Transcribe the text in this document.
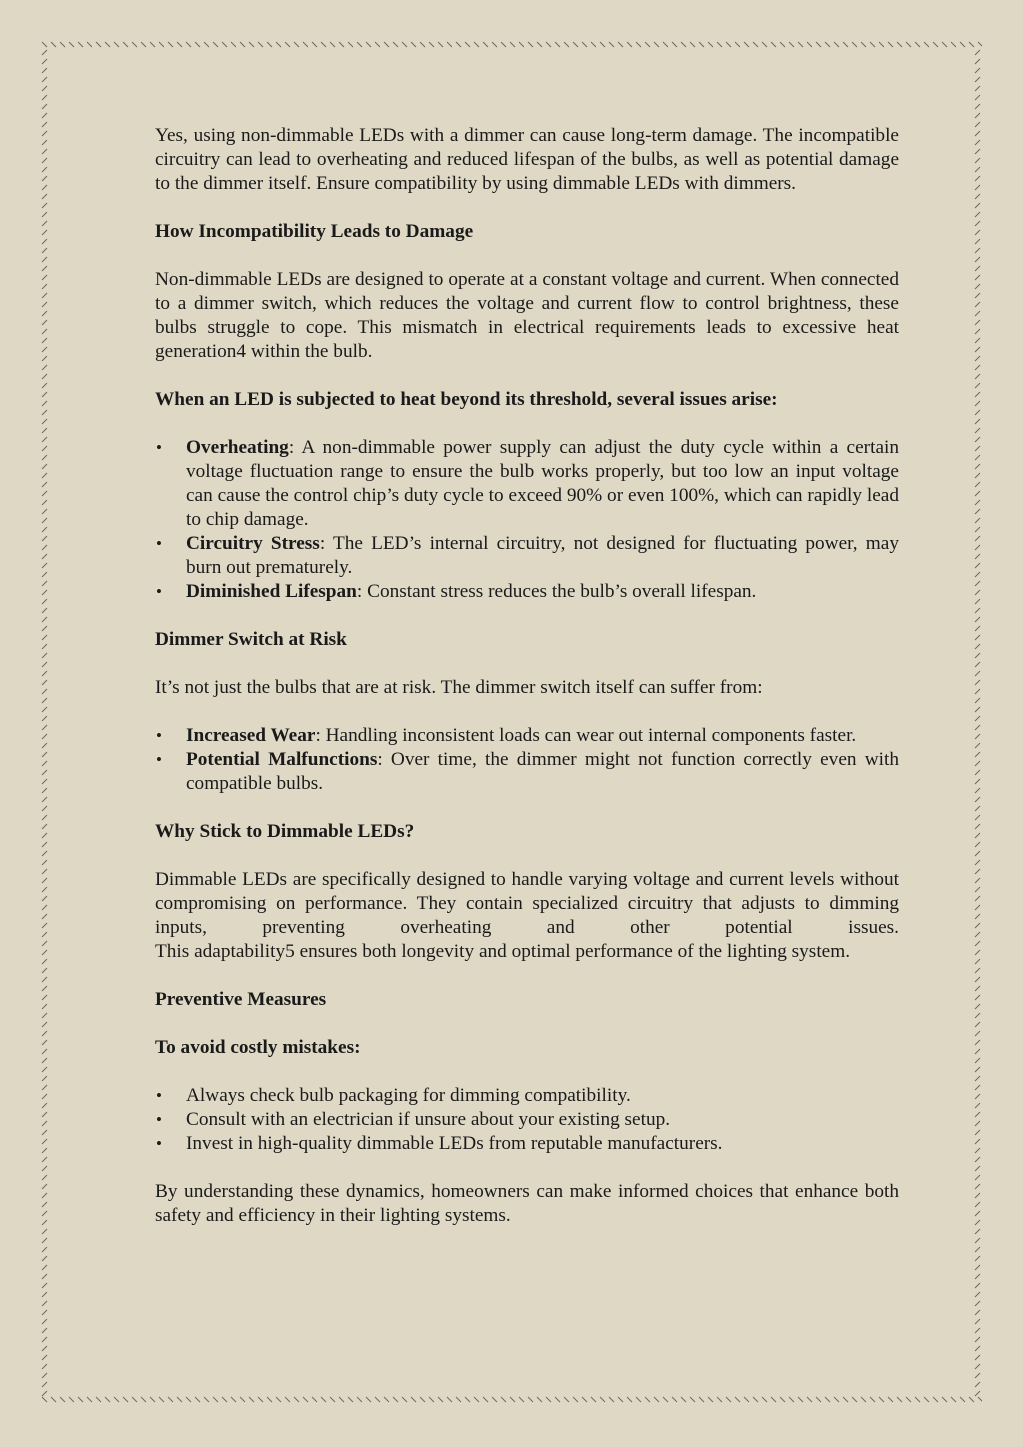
Yes, using non-dimmable LEDs with a dimmer can cause long-term damage. The incompatible circuitry can lead to overheating and reduced lifespan of the bulbs, as well as potential damage to the dimmer itself. Ensure compatibility by using dimmable LEDs with dimmers.

How Incompatibility Leads to Damage

Non-dimmable LEDs are designed to operate at a constant voltage and current. When connected to a dimmer switch, which reduces the voltage and current flow to control brightness, these bulbs struggle to cope. This mismatch in electrical requirements leads to excessive heat generation4 within the bulb.

When an LED is subjected to heat beyond its threshold, several issues arise:
• Overheating: A non-dimmable power supply can adjust the duty cycle within a certain voltage fluctuation range to ensure the bulb works properly, but too low an input voltage can cause the control chip’s duty cycle to exceed 90% or even 100%, which can rapidly lead to chip damage.
• Circuitry Stress: The LED’s internal circuitry, not designed for fluctuating power, may burn out prematurely.
• Diminished Lifespan: Constant stress reduces the bulb’s overall lifespan.
Dimmer Switch at Risk

It’s not just the bulbs that are at risk. The dimmer switch itself can suffer from:

• Increased Wear: Handling inconsistent loads can wear out internal components faster.
• Potential Malfunctions: Over time, the dimmer might not function correctly even with compatible bulbs.
Why Stick to Dimmable LEDs?

Dimmable LEDs are specifically designed to handle varying voltage and current levels without compromising on performance. They contain specialized circuitry that adjusts to dimming inputs, preventing overheating and other potential issues.

This adaptability5 ensures both longevity and optimal performance of the lighting system.

Preventive Measures
To avoid costly mistakes:
• Always check bulb packaging for dimming compatibility.
• Consult with an electrician if unsure about your existing setup.
• Invest in high-quality dimmable LEDs from reputable manufacturers.

By understanding these dynamics, homeowners can make informed choices that enhance both safety and efficiency in their lighting systems.
